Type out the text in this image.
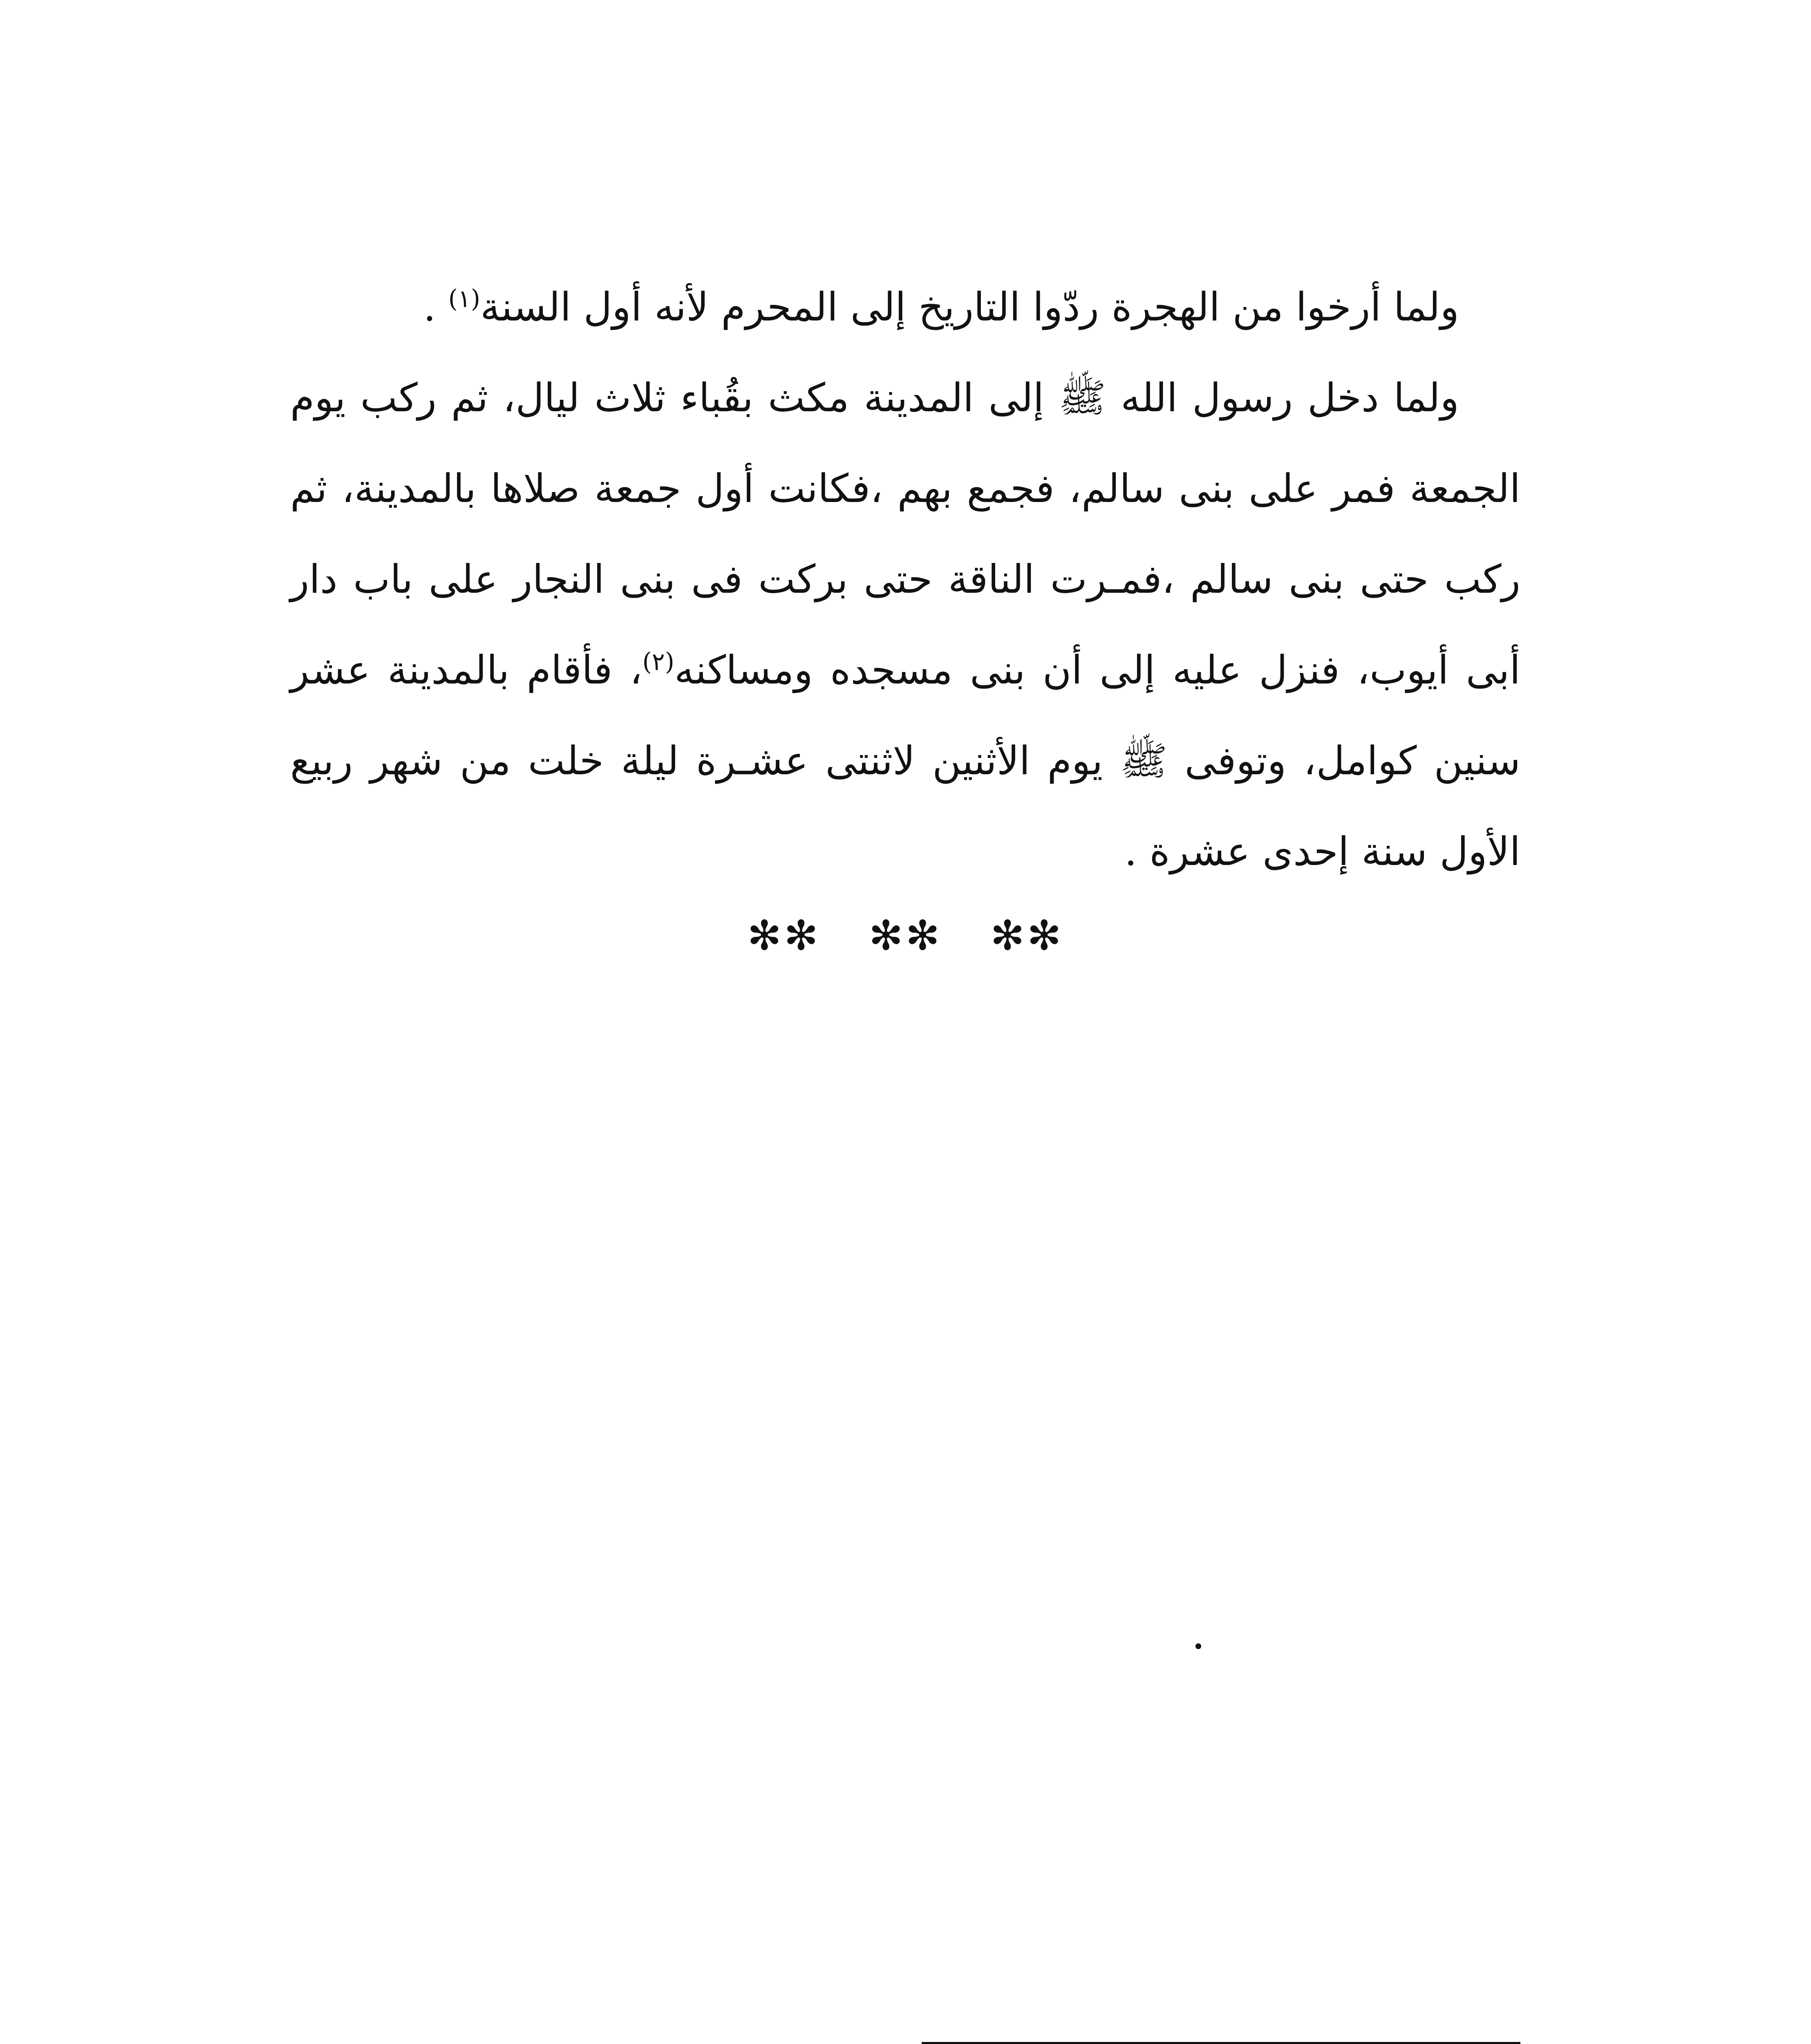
ولما أرخوا من الهجرة ردّوا التاريخ إلى المحرم لأنه أول السنة$^{(١)}$ .

ولما دخل رسول الله ﷺ إلى المدينة مكث بقُباء ثلاث ليال، ثم ركب يوم الجمعة فمر على بنى سالم، فجمع بهم ،فكانت أول جمعة صلاها بالمدينة، ثم ركب حتى بنى سالم ،فمـرت الناقة حتى بركت فى بنى النجار على باب دار أبى أيوب، فنزل عليه إلى أن بنى مسجده ومساكنه$^{(٢)}$، فأقام بالمدينة عشر سنين كوامل، وتوفى ﷺ يوم الأثنين لاثنتى عشـرة ليلة خلت من شهر ربيع الأول سنة إحدى عشرة .

✻✻ ✻✻ ✻✻
